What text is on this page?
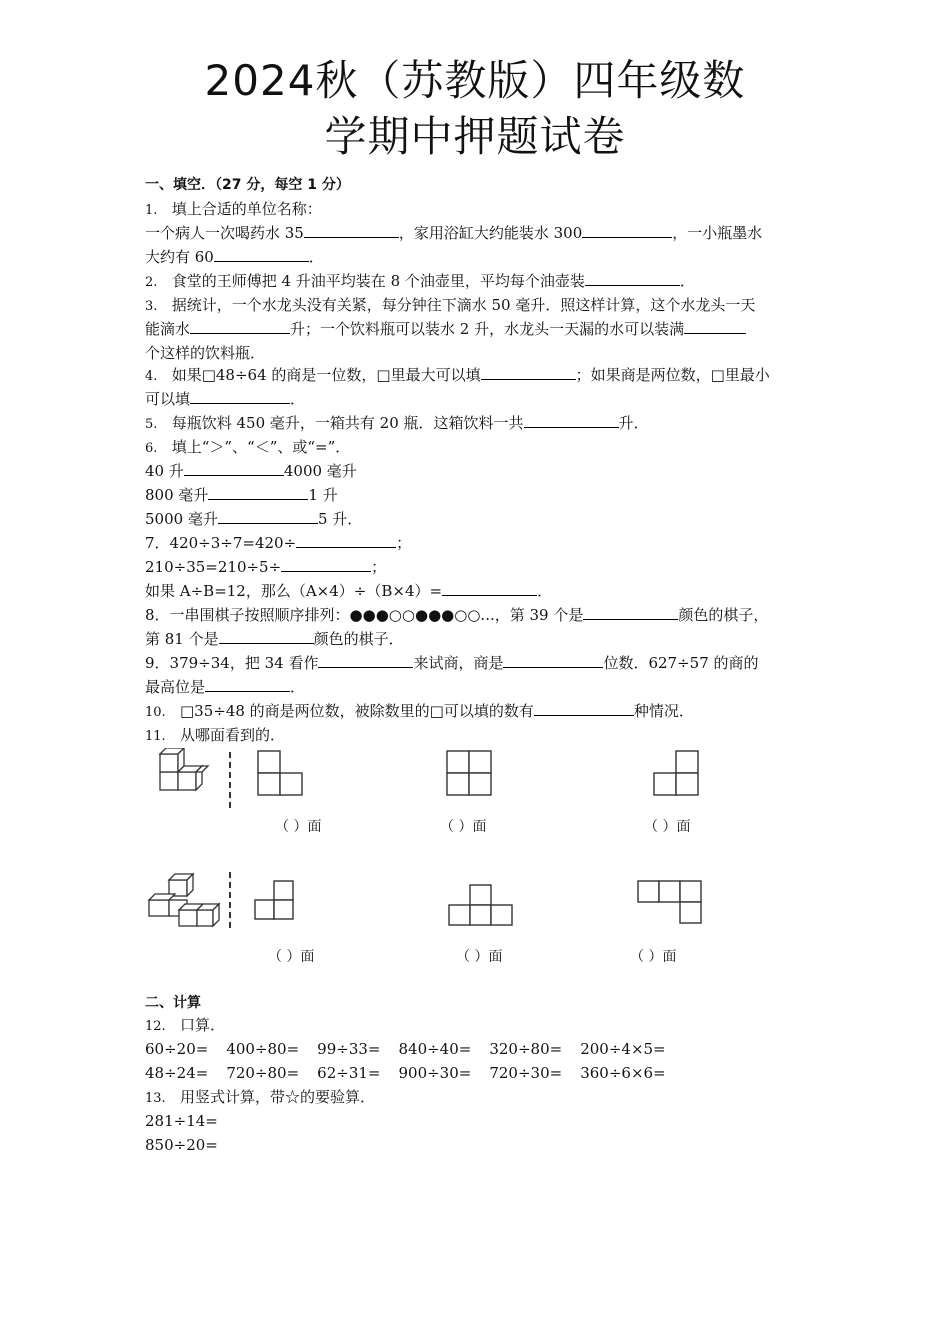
2024秋（苏教版）四年级数
学期中押题试卷
一、填空．（27 分，每空 1 分）
1. 填上合适的单位名称：
一个病人一次喝药水 35	，家用浴缸大约能装水 300	，一小瓶墨水
大约有 60	．
2. 食堂的王师傅把 4 升油平均装在 8 个油壶里，平均每个油壶装	．
3. 据统计，一个水龙头没有关紧，每分钟往下滴水 50 毫升．照这样计算，这个水龙头一天
能滴水	升；一个饮料瓶可以装水 2 升，水龙头一天漏的水可以装满
个这样的饮料瓶．
4. 如果□48÷64 的商是一位数，□里最大可以填	；如果商是两位数，□里最小
可以填	．
5. 每瓶饮料 450 毫升，一箱共有 20 瓶．这箱饮料一共	升．
6. 填上“＞”、“＜”、或“=”．
40 升	4000 毫升
800 毫升	1 升
5000 毫升	5 升．
7．420÷3÷7=420÷	；
210÷35=210÷5÷	；
如果 A÷B=12，那么（A×4）÷（B×4）=	．
8．一串围棋子按照顺序排列：●●●○○●●●○○...，第 39 个是	颜色的棋子，
第 81 个是	颜色的棋子．
9．379÷34，把 34 看作	来试商，商是	位数．627÷57 的商的
最高位是	．
10. □35÷48 的商是两位数，被除数里的□可以填的数有	种情况．
11. 从哪面看到的．
（ ）面	（ ）面	（ ）面
（ ）面	（ ）面	（ ）面
二、计算
12. 口算．
60÷20= 400÷80= 99÷33= 840÷40= 320÷80= 200÷4×5=
48÷24= 720÷80= 62÷31= 900÷30= 720÷30= 360÷6×6=
13. 用竖式计算，带☆的要验算．
281÷14=
850÷20=
